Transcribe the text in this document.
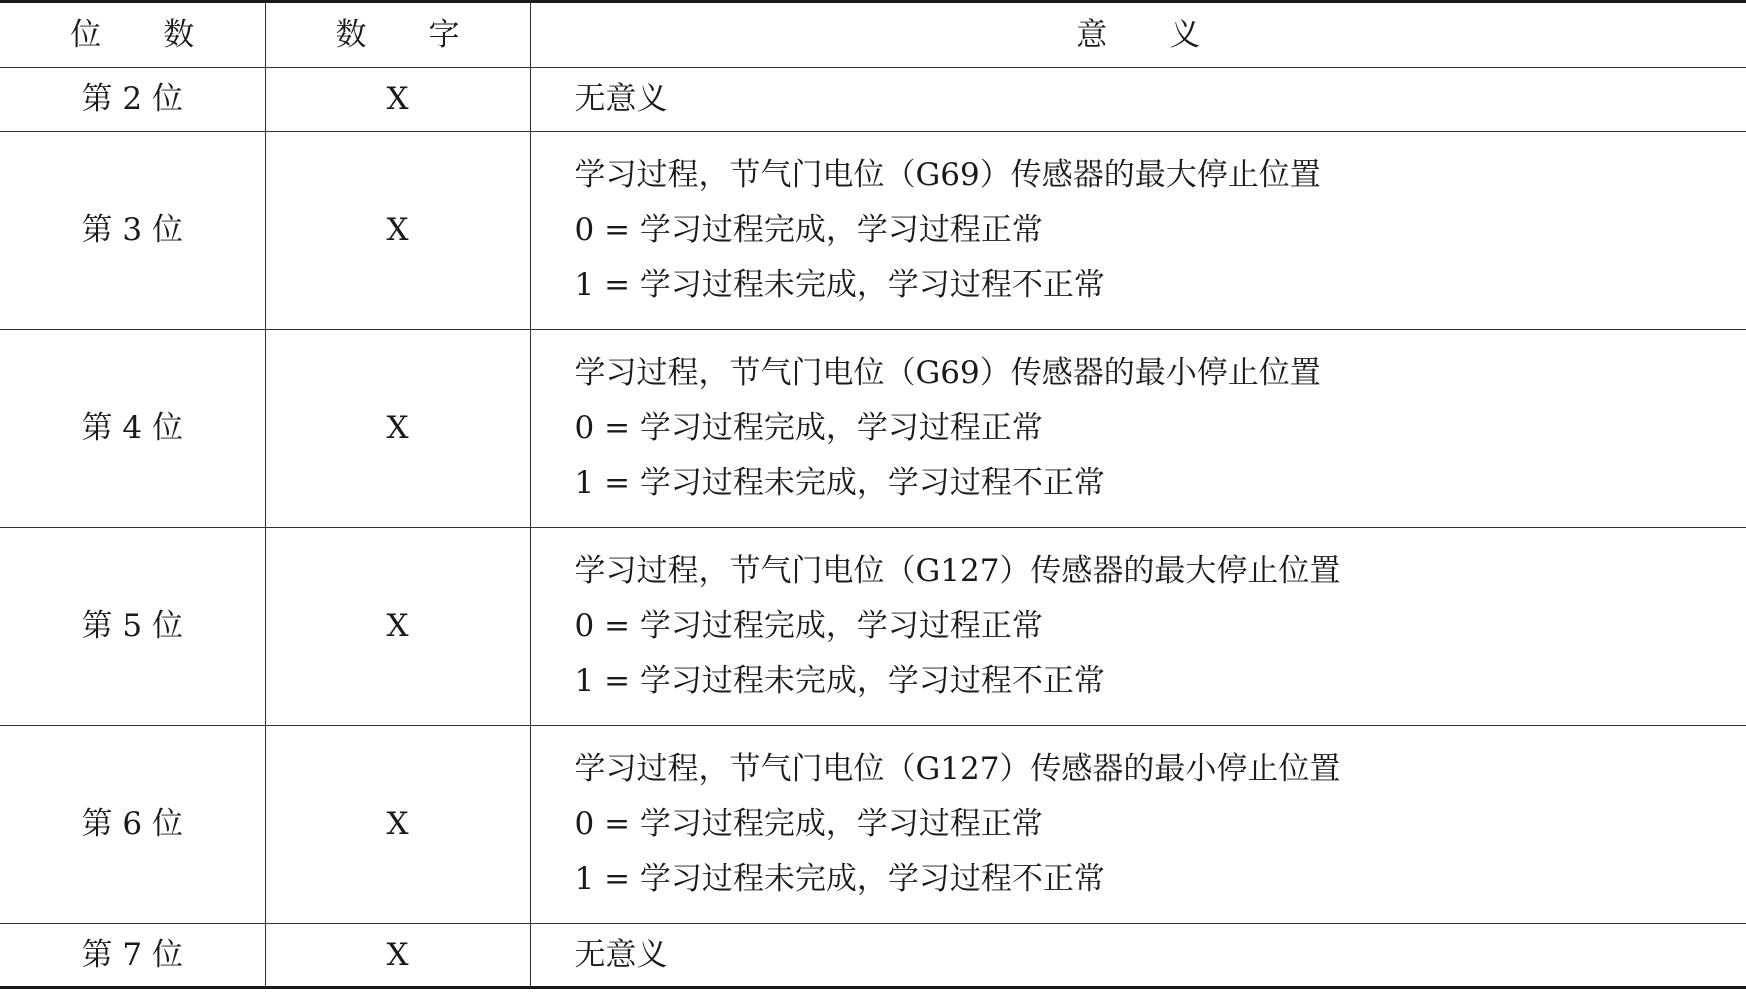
位　　数	数　　字	意　　义
第 2 位	X	无意义

第 3 位	X	学习过程，节气门电位（G69）传感器的最大停止位置
0 = 学习过程完成，学习过程正常
1 = 学习过程未完成，学习过程不正常

第 4 位	X	学习过程，节气门电位（G69）传感器的最小停止位置
0 = 学习过程完成，学习过程正常
1 = 学习过程未完成，学习过程不正常

第 5 位	X	学习过程，节气门电位（G127）传感器的最大停止位置
0 = 学习过程完成，学习过程正常
1 = 学习过程未完成，学习过程不正常

第 6 位	X	学习过程，节气门电位（G127）传感器的最小停止位置
0 = 学习过程完成，学习过程正常
1 = 学习过程未完成，学习过程不正常

第 7 位	X	无意义
